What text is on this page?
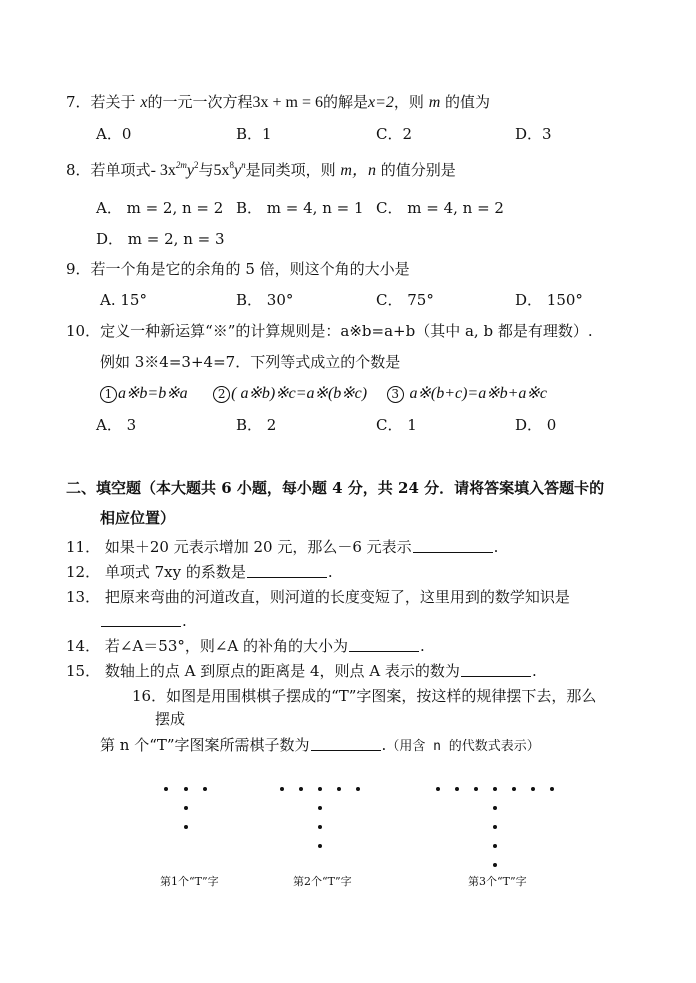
7．若关于 x的一元一次方程3x + m = 6的解是x=2，则 m 的值为
A．0	B．1	C．2	D．3
8．若单项式- $3x^{2m}y^2$与$5x^8y^n$是同类项，则 m，n 的值分别是
A． m = 2, n = 2 B． m = 4, n = 1 C． m = 4, n = 2
D． m = 2, n = 3
9．若一个角是它的余角的 5 倍，则这个角的大小是
A. 15°	B． 30°	C． 75°	D． 150°
10．定义一种新运算“※”的计算规则是：a※b=a+b（其中 a, b 都是有理数）.
例如 3※4=3+4=7．下列等式成立的个数是
1 a※b=b※a	2 ( a※b)※c=a※(b※c) 3 a※(b+c)=a※b+a※c
A． 3	B． 2	C． 1	D． 0
二、填空题（本大题共 6 小题，每小题 4 分，共 24 分．请将答案填入答题卡的
相应位置）
11． 如果＋20 元表示增加 20 元，那么－6 元表示	.
12． 单项式 7xy 的系数是	.
13． 把原来弯曲的河道改直，则河道的长度变短了，这里用到的数学知识是
.
14． 若∠A＝53°，则∠A 的补角的大小为	.
15． 数轴上的点 A 到原点的距离是 4，则点 A 表示的数为	.
16．如图是用围棋棋子摆成的“T”字图案，按这样的规律摆下去，那么
摆成
第 n 个“T”字图案所需棋子数为	.（用含 n 的代数式表示）
第1个“T”字	第2个“T”字	第3个“T”字
